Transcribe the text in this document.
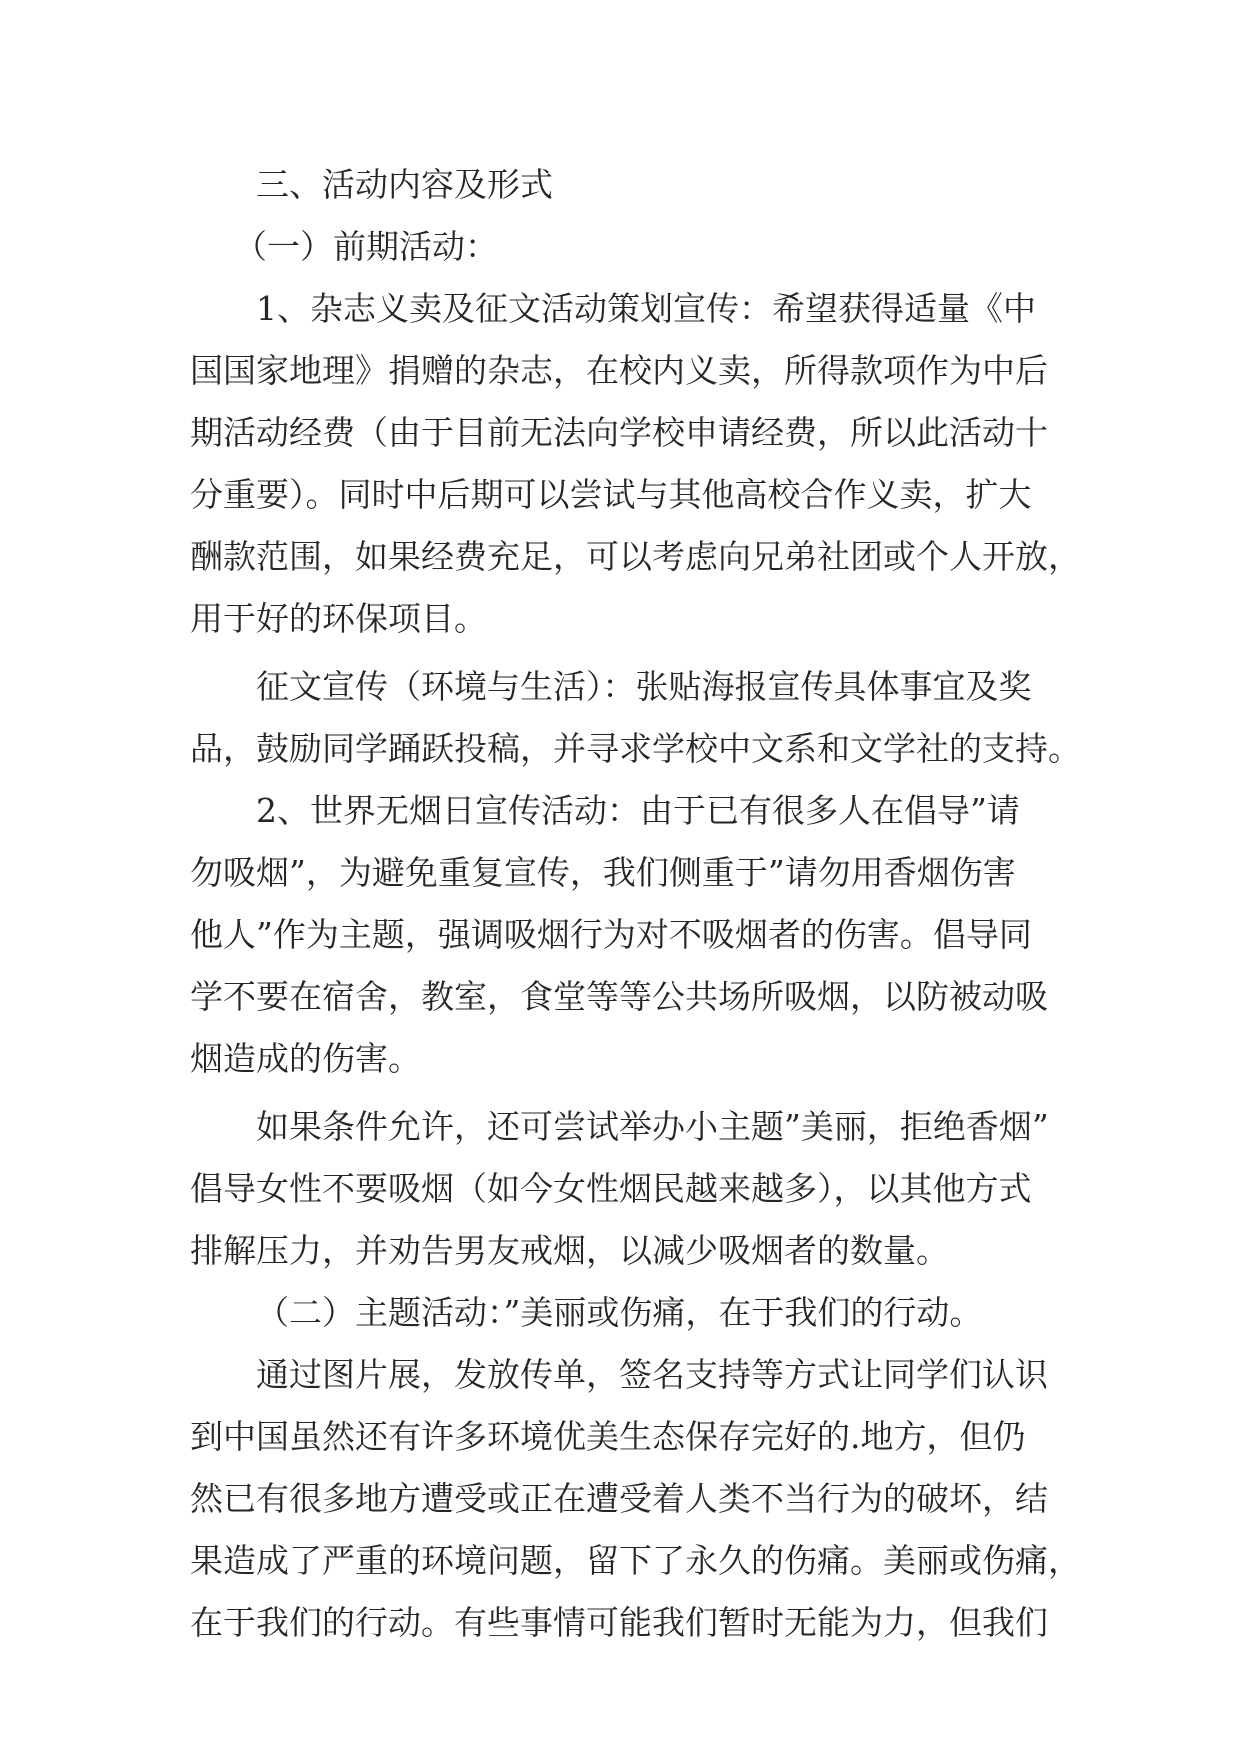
三、活动内容及形式
（一）前期活动：
1、杂志义卖及征文活动策划宣传：希望获得适量《中
国国家地理》捐赠的杂志，在校内义卖，所得款项作为中后
期活动经费（由于目前无法向学校申请经费，所以此活动十
分重要）。同时中后期可以尝试与其他高校合作义卖，扩大
酬款范围，如果经费充足，可以考虑向兄弟社团或个人开放，
用于好的环保项目。
征文宣传（环境与生活）：张贴海报宣传具体事宜及奖
品，鼓励同学踊跃投稿，并寻求学校中文系和文学社的支持。
2、世界无烟日宣传活动：由于已有很多人在倡导”请
勿吸烟”，为避免重复宣传，我们侧重于”请勿用香烟伤害
他人”作为主题，强调吸烟行为对不吸烟者的伤害。倡导同
学不要在宿舍，教室，食堂等等公共场所吸烟，以防被动吸
烟造成的伤害。
如果条件允许，还可尝试举办小主题”美丽，拒绝香烟”
倡导女性不要吸烟（如今女性烟民越来越多），以其他方式
排解压力，并劝告男友戒烟，以减少吸烟者的数量。
（二）主题活动：”美丽或伤痛，在于我们的行动。
通过图片展，发放传单，签名支持等方式让同学们认识
到中国虽然还有许多环境优美生态保存完好的.地方，但仍
然已有很多地方遭受或正在遭受着人类不当行为的破坏，结
果造成了严重的环境问题，留下了永久的伤痛。美丽或伤痛，
在于我们的行动。有些事情可能我们暂时无能为力，但我们
